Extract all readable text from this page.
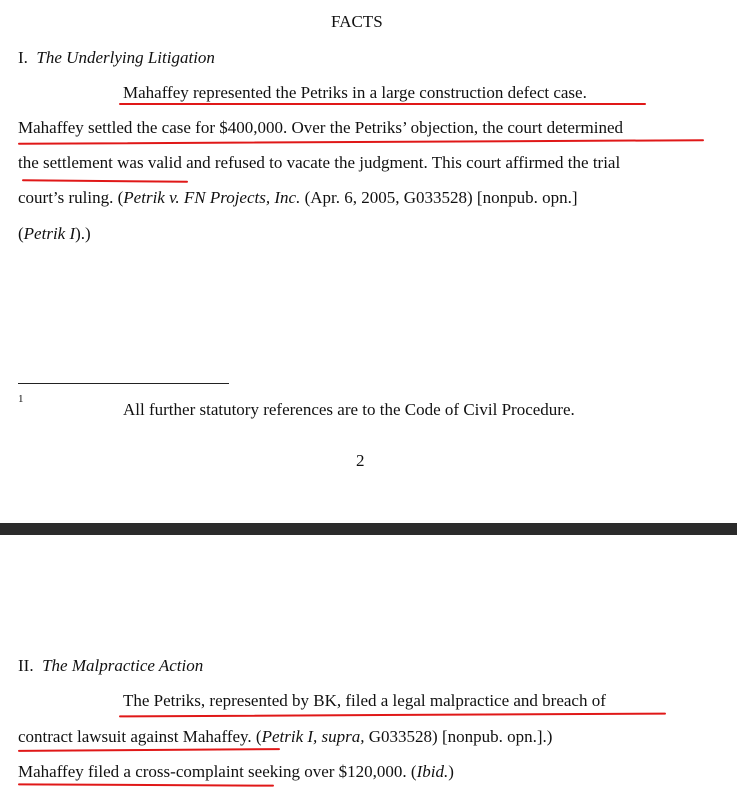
FACTS
I. The Underlying Litigation
Mahaffey represented the Petriks in a large construction defect case.
Mahaffey settled the case for $400,000. Over the Petriks’ objection, the court determined
the settlement was valid and refused to vacate the judgment. This court affirmed the trial
court’s ruling. (Petrik v. FN Projects, Inc. (Apr. 6, 2005, G033528) [nonpub. opn.]
(Petrik I).)
1
All further statutory references are to the Code of Civil Procedure.
2
II. The Malpractice Action
The Petriks, represented by BK, filed a legal malpractice and breach of
contract lawsuit against Mahaffey. (Petrik I, supra, G033528) [nonpub. opn.].)
Mahaffey filed a cross-complaint seeking over $120,000. (Ibid.)
